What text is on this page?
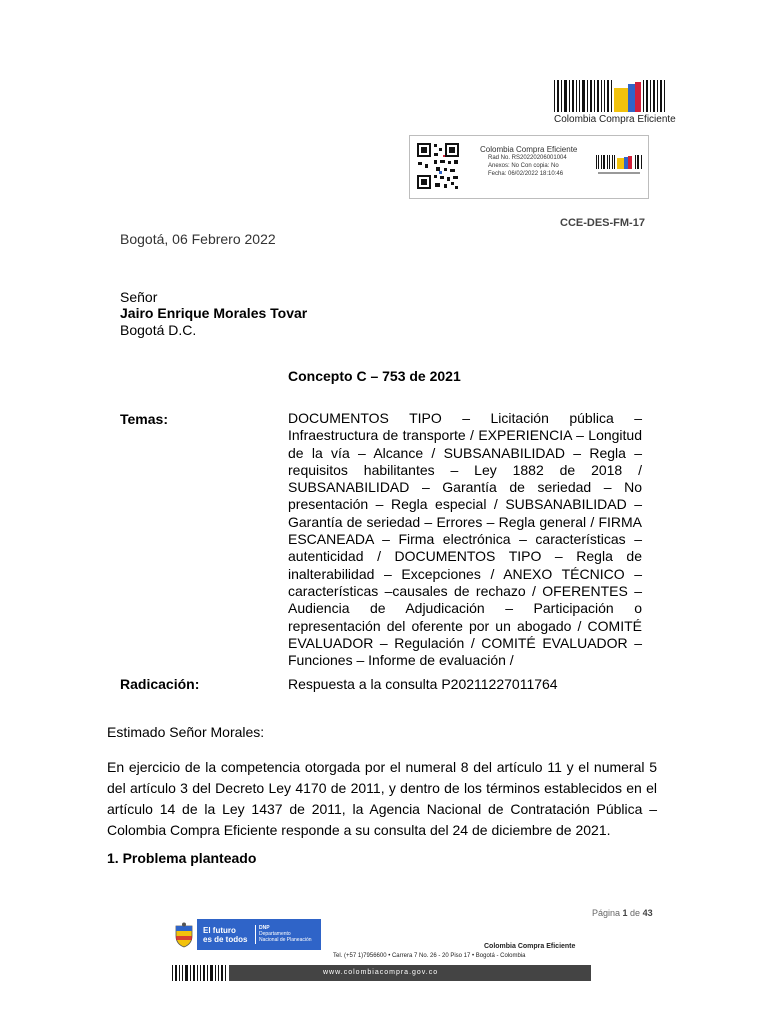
Colombia Compra Eficiente
Colombia Compra Eficiente
Rad No. RS20220206001004
Anexos: No Con copia: No
Fecha: 06/02/2022 18:10:46
CCE-DES-FM-17
Bogotá, 06 Febrero 2022
Señor
Jairo Enrique Morales Tovar
Bogotá D.C.
Concepto C – 753 de 2021
Temas:	DOCUMENTOS TIPO – Licitación pública – Infraestructura de transporte / EXPERIENCIA – Longitud de la vía – Alcance / SUBSANABILIDAD – Regla – requisitos habilitantes – Ley 1882 de 2018 / SUBSANABILIDAD – Garantía de seriedad – No presentación – Regla especial / SUBSANABILIDAD – Garantía de seriedad – Errores – Regla general / FIRMA ESCANEADA – Firma electrónica – características – autenticidad / DOCUMENTOS TIPO – Regla de inalterabilidad – Excepciones / ANEXO TÉCNICO – características –causales de rechazo / OFERENTES – Audiencia de Adjudicación – Participación o representación del oferente por un abogado / COMITÉ EVALUADOR – Regulación / COMITÉ EVALUADOR – Funciones – Informe de evaluación /
Radicación:	Respuesta a la consulta P20211227011764
Estimado Señor Morales:
En ejercicio de la competencia otorgada por el numeral 8 del artículo 11 y el numeral 5 del artículo 3 del Decreto Ley 4170 de 2011, y dentro de los términos establecidos en el artículo 14 de la Ley 1437 de 2011, la Agencia Nacional de Contratación Pública – Colombia Compra Eficiente responde a su consulta del 24 de diciembre de 2021.
1. Problema planteado
Página 1 de 43
El futuro
es de todos
DNP
Departamento
Nacional de Planeación
Colombia Compra Eficiente
Tel. (+57 1)7956600 • Carrera 7 No. 26 - 20 Piso 17 • Bogotá - Colombia
www.colombiacompra.gov.co
